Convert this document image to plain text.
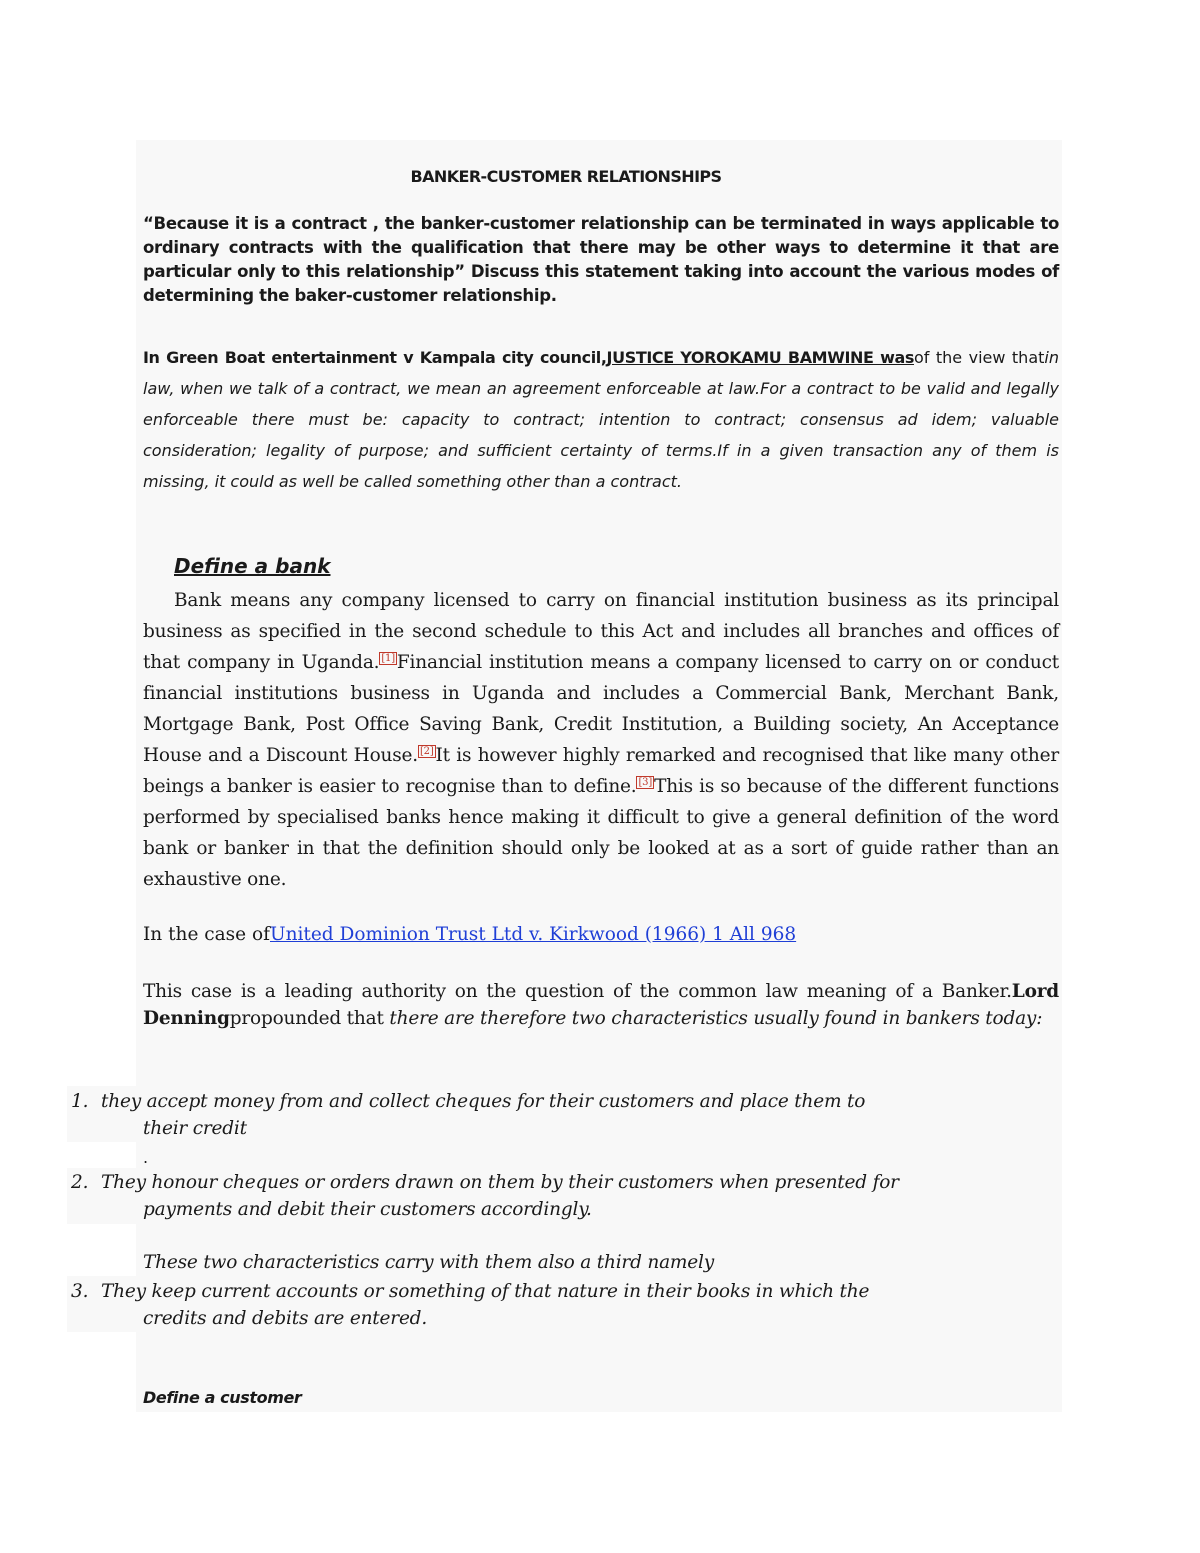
BANKER-CUSTOMER RELATIONSHIPS
“Because it is a contract , the banker-customer relationship can be terminated in ways applicable to ordinary contracts with the qualification that there may be other ways to determine it that are particular only to this relationship” Discuss this statement taking into account the various modes of determining the baker-customer relationship.
In Green Boat entertainment v Kampala city council,JUSTICE YOROKAMU BAMWINE wasof the view thatin law, when we talk of a contract, we mean an agreement enforceable at law.For a contract to be valid and legally enforceable there must be: capacity to contract; intention to contract; consensus ad idem; valuable consideration; legality of purpose; and sufficient certainty of terms.If in a given transaction any of them is missing, it could as well be called something other than a contract.
Define a bank
Bank means any company licensed to carry on financial institution business as its principal business as specified in the second schedule to this Act and includes all branches and offices of that company in Uganda. [1] Financial institution means a company licensed to carry on or conduct financial institutions business in Uganda and includes a Commercial Bank, Merchant Bank, Mortgage Bank, Post Office Saving Bank, Credit Institution, a Building society, An Acceptance House and a Discount House. [2] It is however highly remarked and recognised that like many other beings a banker is easier to recognise than to define. [3] This is so because of the different functions performed by specialised banks hence making it difficult to give a general definition of the word bank or banker in that the definition should only be looked at as a sort of guide rather than an exhaustive one.
In the case ofUnited Dominion Trust Ltd v. Kirkwood (1966) 1 All 968
This case is a leading authority on the question of the common law meaning of a Banker.Lord Denningpropounded that there are therefore two characteristics usually found in bankers today:
1. they accept money from and collect cheques for their customers and place them to
their credit
.
2. They honour cheques or orders drawn on them by their customers when presented for
payments and debit their customers accordingly.
These two characteristics carry with them also a third namely
3. They keep current accounts or something of that nature in their books in which the
credits and debits are entered.
Define a customer
